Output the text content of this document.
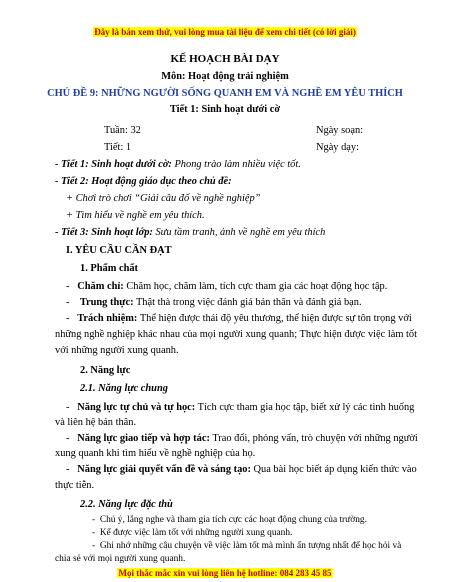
Đây là bản xem thử, vui lòng mua tài liệu để xem chi tiết (có lời giải)
KẾ HOẠCH BÀI DẠY
Môn: Hoạt động trải nghiệm
CHỦ ĐỀ 9: NHỮNG NGƯỜI SỐNG QUANH EM VÀ NGHỀ EM YÊU THÍCH
Tiết 1: Sinh hoạt dưới cờ
Tuần: 32	Ngày soạn:
Tiết: 1	Ngày dạy:
- Tiết 1: Sinh hoạt dưới cờ: Phong trào làm nhiều việc tốt.
- Tiết 2: Hoạt động giáo dục theo chủ đề:
+ Chơi trò chơi “Giải câu đố về nghề nghiệp”
+ Tìm hiểu về nghề em yêu thích.
- Tiết 3: Sinh hoạt lớp: Sưu tầm tranh, ảnh về nghề em yêu thích
I. YÊU CẦU CẦN ĐẠT
1. Phẩm chất
-   Chăm chỉ: Chăm học, chăm làm, tích cực tham gia các hoạt động học tập.
-    Trung thực: Thật thà trong việc đánh giá bản thân và đánh giá bạn.
-   Trách nhiệm: Thể hiện được thái độ yêu thương, thể hiện được sự tôn trọng với
những nghề nghiệp khác nhau của mọi người xung quanh; Thực hiện được việc làm tốt
với những người xung quanh.
2. Năng lực
2.1. Năng lực chung
-   Năng lực tự chủ và tự học: Tích cực tham gia học tập, biết xử lý các tình huống
và liên hệ bản thân.
-   Năng lực giao tiếp và hợp tác: Trao đổi, phỏng vấn, trò chuyện với những người
xung quanh khi tìm hiểu về nghề nghiệp của họ.
-   Năng lực giải quyết vấn đề và sáng tạo: Qua bài học biết áp dụng kiến thức vào
thực tiễn.
2.2. Năng lực đặc thù
-  Chú ý, lắng nghe và tham gia tích cực các hoạt động chung của trường.
-  Kể được việc làm tốt với những người xung quanh.
-  Ghi nhớ những câu chuyện về việc làm tốt mà mình ấn tượng nhất để học hỏi và
chia sẻ với mọi người xung quanh.
Mọi thắc mắc xin vui lòng liên hệ hotline: 084 283 45 85
